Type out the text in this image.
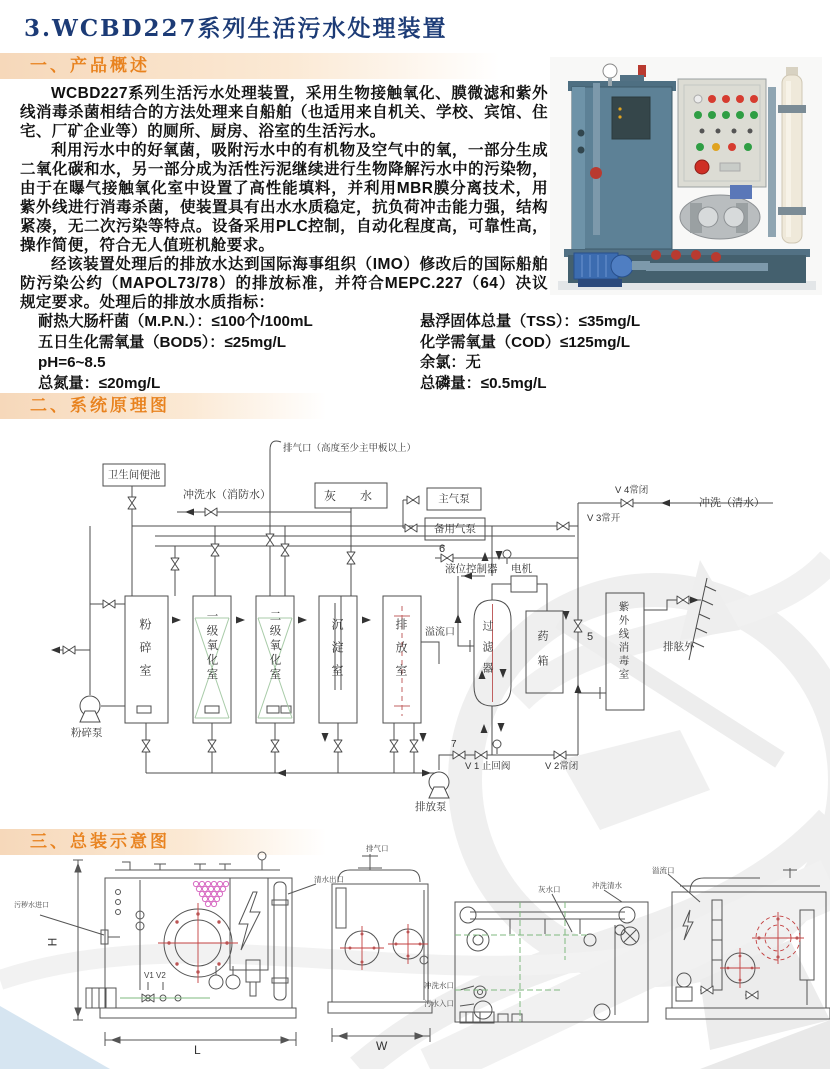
3.WCBD227系列生活污水处理装置
一、产品概述

WCBD227系列生活污水处理装置，采用生物接触氧化、膜微滤和紫外线消毒杀菌相结合的方法处理来自船舶（也适用来自机关、学校、宾馆、住宅、厂矿企业等）的厕所、厨房、浴室的生活污水。

利用污水中的好氧菌，吸附污水中的有机物及空气中的氧，一部分生成二氧化碳和水，另一部分成为活性污泥继续进行生物降解污水中的污染物，由于在曝气接触氧化室中设置了高性能填料，并利用MBR膜分离技术，用紫外线进行消毒杀菌，使装置具有出水水质稳定，抗负荷冲击能力强，结构紧凑，无二次污染等特点。设备采用PLC控制，自动化程度高，可靠性高，操作简便，符合无人值班机舱要求。

经该装置处理后的排放水达到国际海事组织（IMO）修改后的国际船舶防污染公约（MAPOL73/78）的排放标准，并符合MEPC.227（64）决议规定要求。处理后的排放水质指标：

耐热大肠杆菌（M.P.N.）：≤100个/100mL
五日生化需氧量（BOD5）：≤25mg/L
pH=6~8.5
总氮量：≤20mg/L
悬浮固体总量（TSS）：≤35mg/L
化学需氧量（COD）≤125mg/L
余氯：无
总磷量：≤0.5mg/L
二、系统原理图
卫生间便池
冲洗水（消防水）
排气口（高度至少主甲板以上）
灰　水	主气泵
备用气泵
V 4常闭
冲洗（清水）
V 3常开
6
液位控制器 电机
溢流口 过滤器	药箱	5 紫外线消毒室	排舷外
7
V 1 止回阀	V 2常闭
粉碎泵
排放泵
粉碎室	一级氧化室	二级氧化室	沉淀室	排放室
三、总装示意图
H
L	W
污秽水进口
清水出口
V1 V2
排气口
灰水口	冲洗清水
冲洗水口
污水入口
溢流口
